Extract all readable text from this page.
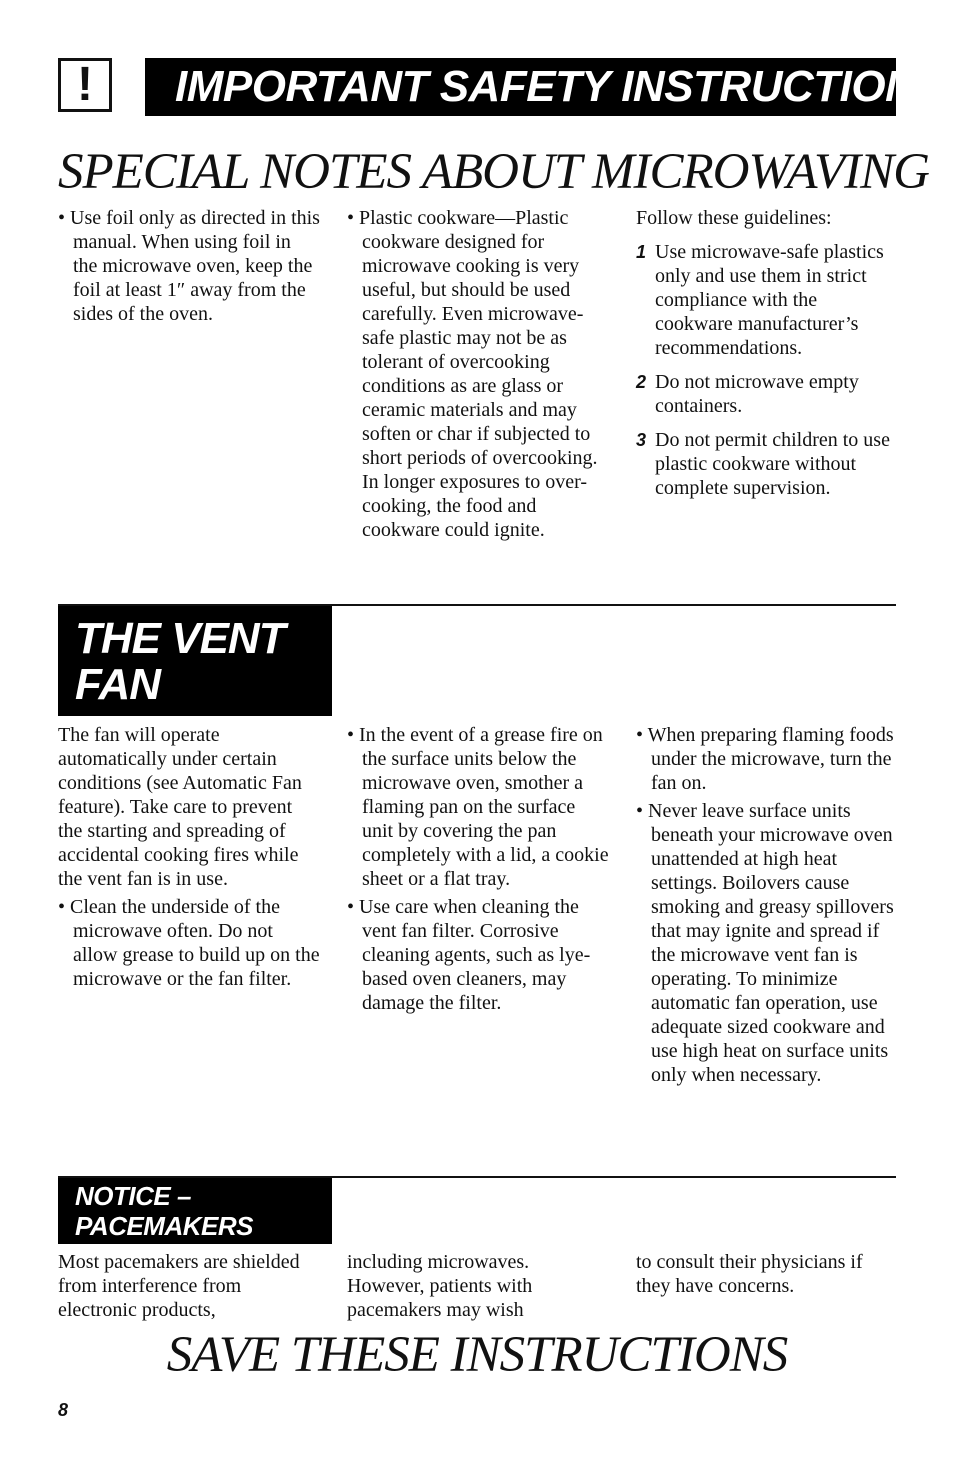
!	IMPORTANT SAFETY INSTRUCTIONS
SPECIAL NOTES ABOUT MICROWAVING

• Use foil only as directed in this manual. When using foil in the microwave oven, keep the foil at least 1″ away from the sides of the oven.

• Plastic cookware—Plastic cookware designed for microwave cooking is very useful, but should be used carefully. Even microwave-safe plastic may not be as tolerant of overcooking conditions as are glass or ceramic materials and may soften or char if subjected to short periods of overcooking. In longer exposures to over-cooking, the food and cookware could ignite.

Follow these guidelines:

1 Use microwave-safe plastics only and use them in strict compliance with the cookware manufacturer’s recommendations.
2 Do not microwave empty containers.
3 Do not permit children to use plastic cookware without complete supervision.
THE VENT
FAN

The fan will operate automatically under certain conditions (see Automatic Fan feature). Take care to prevent the starting and spreading of accidental cooking fires while the vent fan is in use.

• Clean the underside of the microwave often. Do not allow grease to build up on the microwave or the fan filter.

• In the event of a grease fire on the surface units below the microwave oven, smother a flaming pan on the surface unit by covering the pan completely with a lid, a cookie sheet or a flat tray.

• Use care when cleaning the vent fan filter. Corrosive cleaning agents, such as lye-based oven cleaners, may damage the filter.

• When preparing flaming foods under the microwave, turn the fan on.

• Never leave surface units beneath your microwave oven unattended at high heat settings. Boilovers cause smoking and greasy spillovers that may ignite and spread if the microwave vent fan is operating. To minimize automatic fan operation, use adequate sized cookware and use high heat on surface units only when necessary.

NOTICE –
PACEMAKERS

Most pacemakers are shielded from interference from electronic products,

including microwaves. However, patients with pacemakers may wish

to consult their physicians if they have concerns.

SAVE THESE INSTRUCTIONS
8
